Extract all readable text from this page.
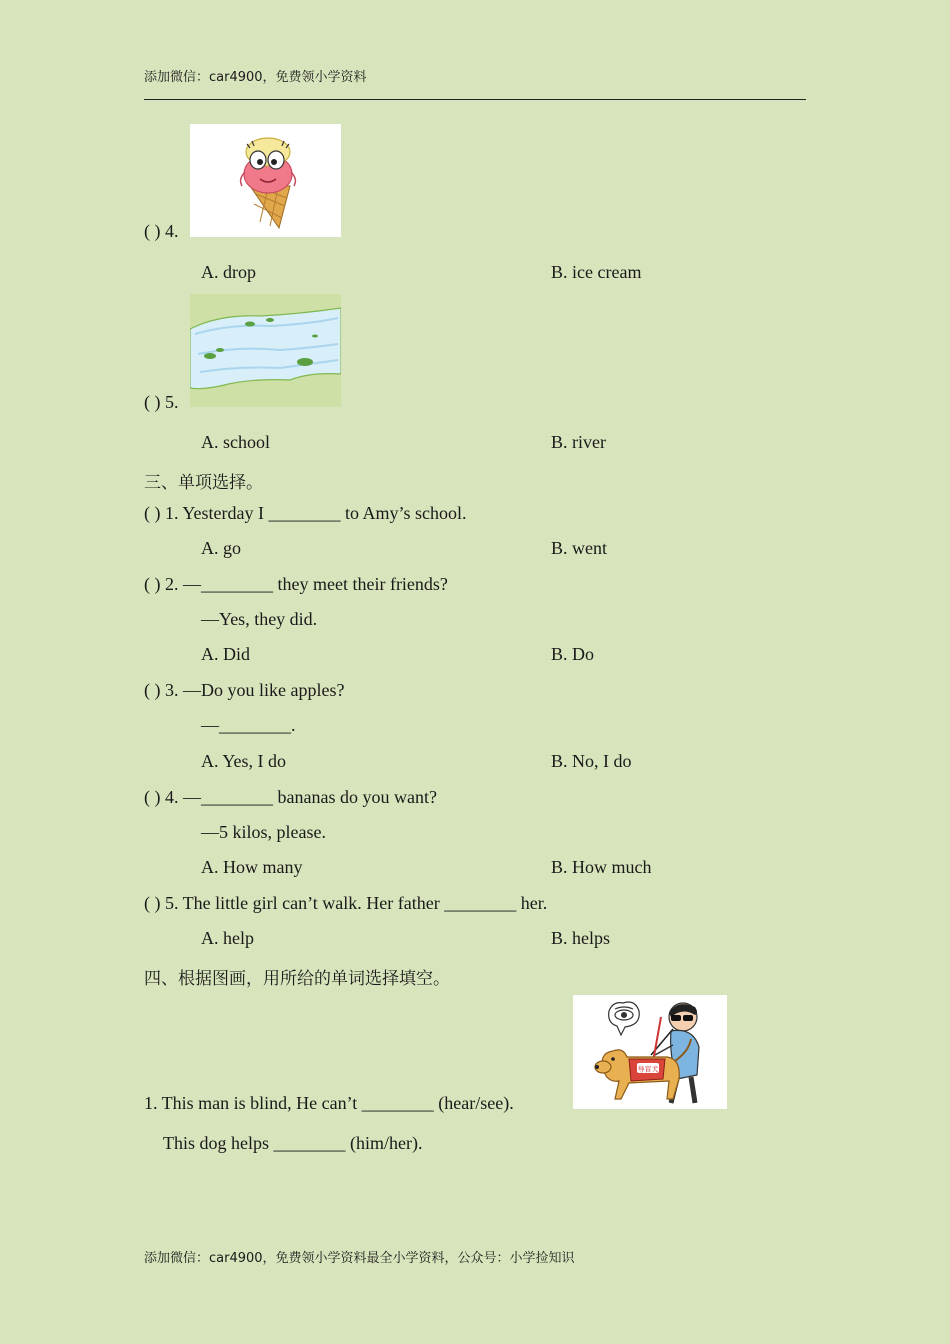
添加微信：car4900，免费领小学资料
( ) 4.
A. drop	B. ice cream
( ) 5.
A. school	B. river
三、单项选择。
( ) 1. Yesterday I ________ to Amy’s school.
A. go	B. went
( ) 2. —________ they meet their friends?
—Yes, they did.
A. Did	B. Do
( ) 3. —Do you like apples?
—________.
A. Yes, I do	B. No, I do
( ) 4. —________ bananas do you want?
—5 kilos, please.
A. How many	B. How much
( ) 5. The little girl can’t walk. Her father ________ her.
A. help	B. helps
四、根据图画，用所给的单词选择填空。
导盲犬
1. This man is blind, He can’t ________ (hear/see).
This dog helps ________ (him/her).
添加微信：car4900，免费领小学资料最全小学资料，公众号：小学捡知识
